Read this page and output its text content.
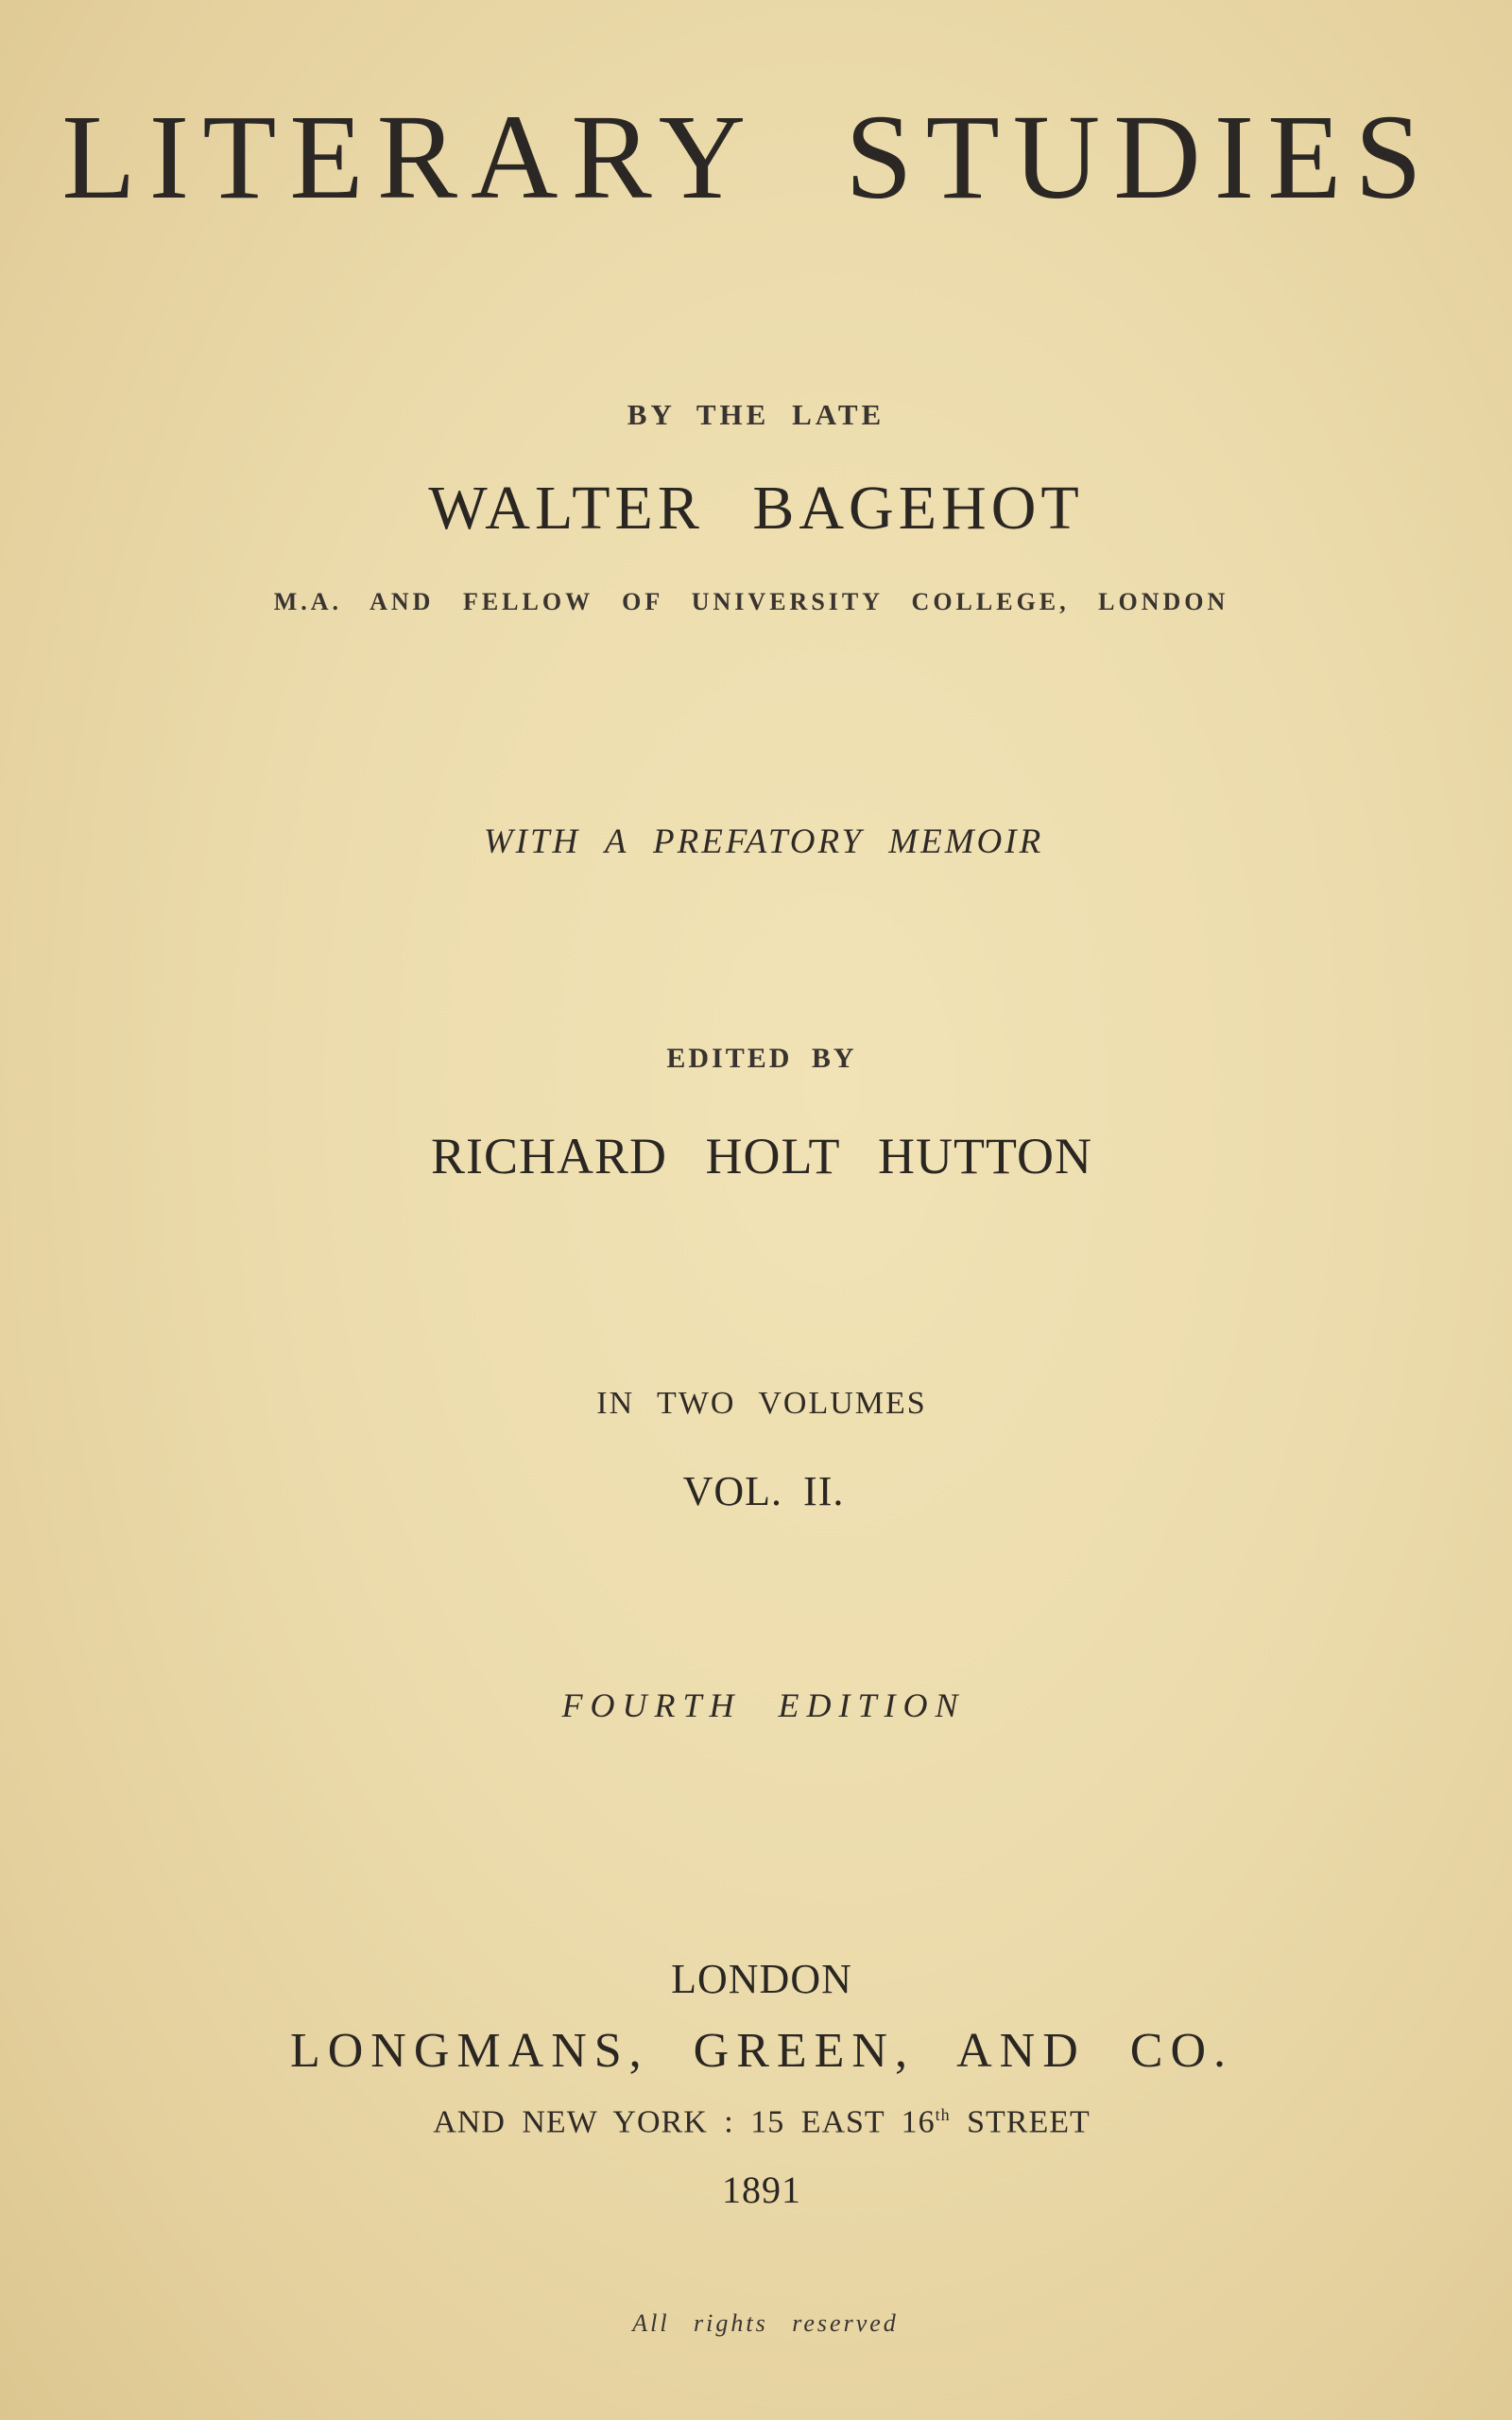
LITERARY STUDIES
BY THE LATE
WALTER BAGEHOT
M.A. AND FELLOW OF UNIVERSITY COLLEGE, LONDON
WITH A PREFATORY MEMOIR
EDITED BY
RICHARD HOLT HUTTON
IN TWO VOLUMES
VOL. II.
FOURTH EDITION
LONDON
LONGMANS, GREEN, AND CO.
AND NEW YORK : 15 EAST 16th STREET
1891
All rights reserved
